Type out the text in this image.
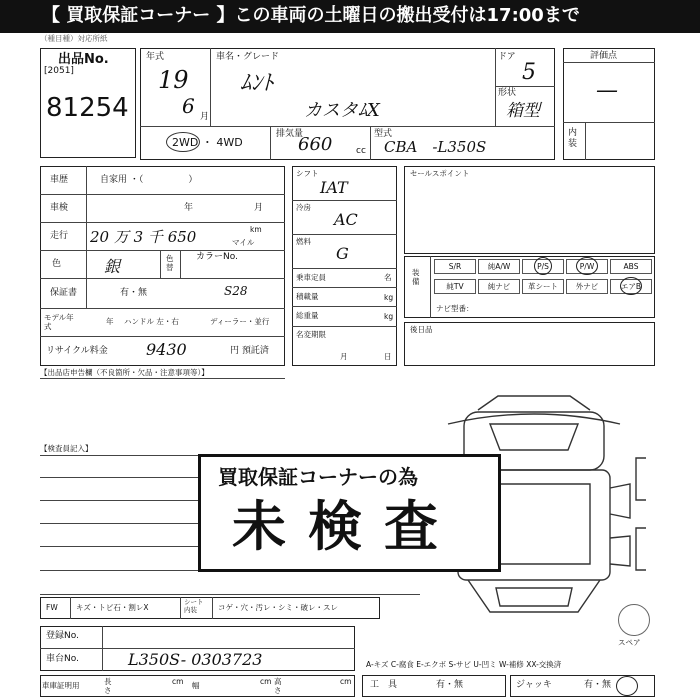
【 買取保証コーナー 】この車両の土曜日の搬出受付は17:00まで
（種目種）対応所紙
出品No.
[2051]
81254
年式
19
6 月
車名・グレード
ﾑﾝﾄ
カスタﾑX
ドア
5
形状
箱型
2WD ・ 4WD
排気量
660	cc
型式
CBA　-L350S
評価点
—
内
装
車歴	自家用 ・（　　　　　）
車検	年	月
走行 20 万 3 千 650	km
マイル
色	銀	色替
カラーNo.
保証書	有・無	S28
モデル年式
年 ハンドル 左・右	ディーラー・並行
リサイクル料金 9430	円 預託済
シフト
IAT
冷房
AC
燃料
G
乗車定員	名
積載量	kg
総重量	kg
名変期限
月	日
セールスポイント
装備
S/R	純A/W	P/S	P/W	ABS
純TV	純ナビ	革シート	外ナビ	エアB
ナビ型番：
後日品
【出品店申告欄（不良箇所・欠品・注意事項等）】
【検査員記入】
買取保証コーナーの為
未検査
スペア
FW キズ・トビ石・割レX
シート内装	コゲ・穴・汚レ・シミ・破レ・スレ
A-キズ C-腐食 E-エクボ S-サビ U-凹ミ W-補修 XX-交換済
登録No.
車台No.	L350S- 0303723
車庫証明用	長さ
cm 幅	cm 高さ
cm 工　具	有・無	ジャッキ	有・無
